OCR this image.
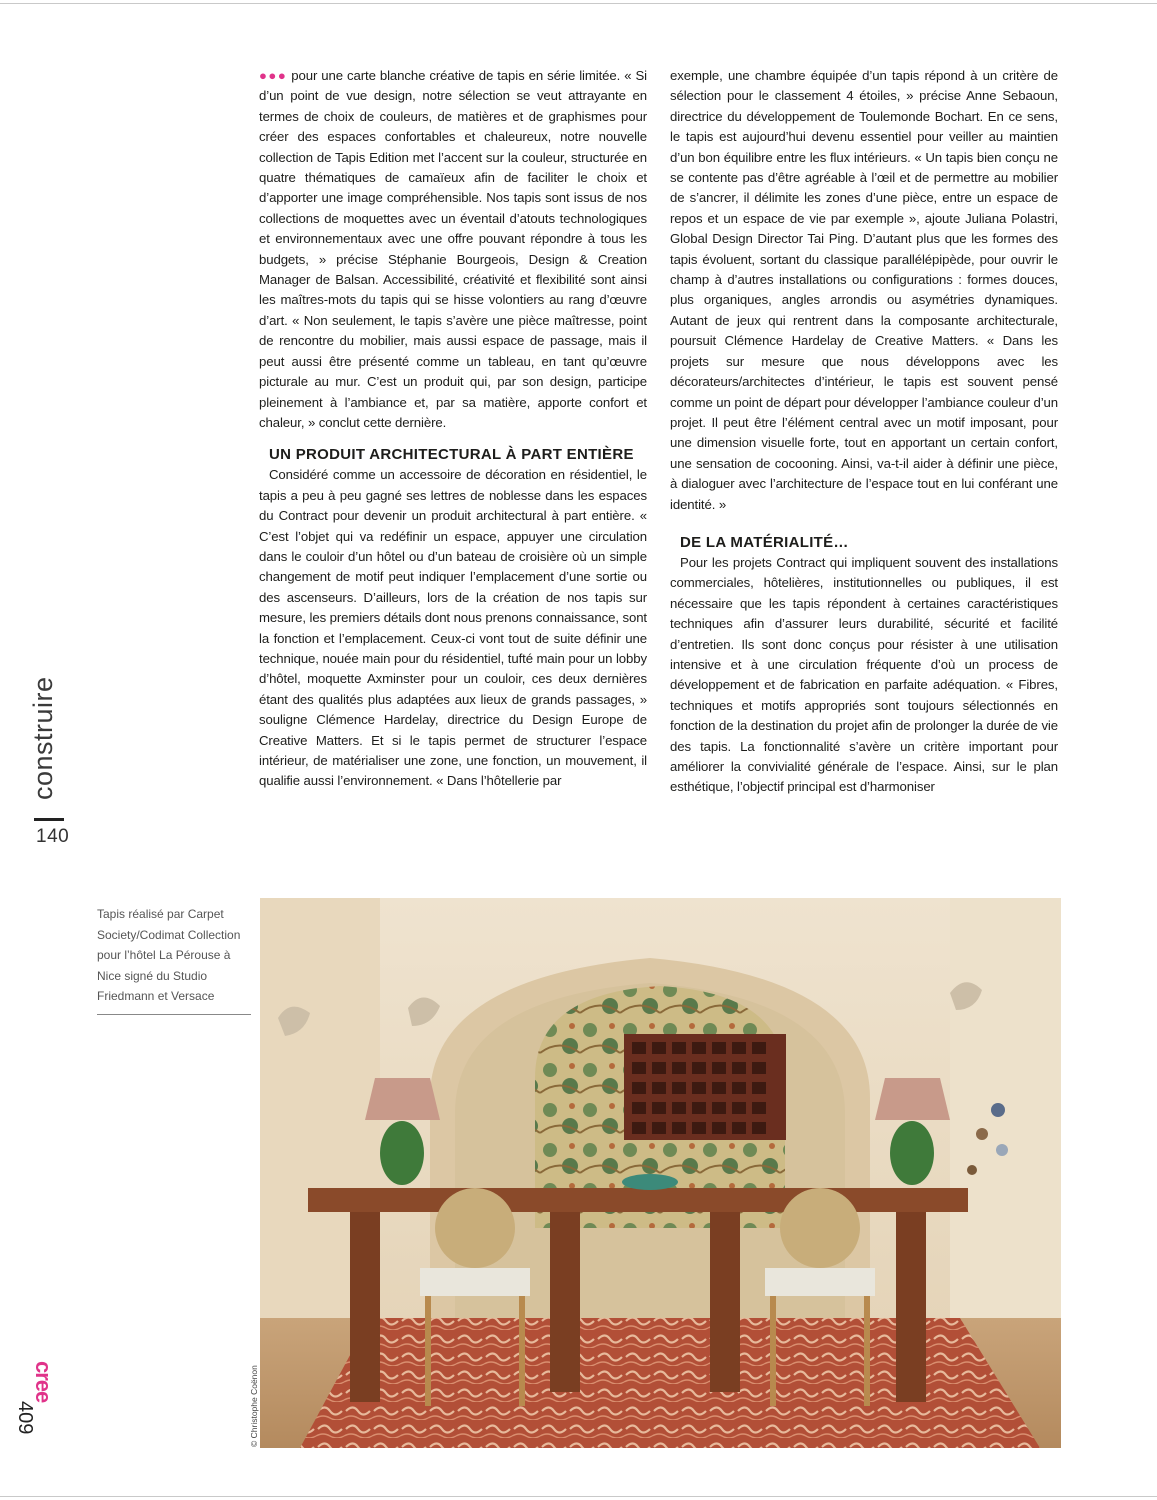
●●● pour une carte blanche créative de tapis en série limitée. « Si d’un point de vue design, notre sélection se veut attrayante en termes de choix de couleurs, de matières et de graphismes pour créer des espaces confortables et chaleureux, notre nouvelle collection de Tapis Edition met l’accent sur la couleur, structurée en quatre thématiques de camaïeux afin de faciliter le choix et d’apporter une image compréhensible. Nos tapis sont issus de nos collections de moquettes avec un éventail d’atouts technologiques et environnementaux avec une offre pouvant répondre à tous les budgets, » précise Stéphanie Bourgeois, Design & Creation Manager de Balsan. Accessibilité, créativité et flexibilité sont ainsi les maîtres-mots du tapis qui se hisse volontiers au rang d’œuvre d’art. « Non seulement, le tapis s’avère une pièce maîtresse, point de rencontre du mobilier, mais aussi espace de passage, mais il peut aussi être présenté comme un tableau, en tant qu’œuvre picturale au mur. C’est un produit qui, par son design, participe pleinement à l’ambiance et, par sa matière, apporte confort et chaleur, » conclut cette dernière.

UN PRODUIT ARCHITECTURAL À PART ENTIÈRE

Considéré comme un accessoire de décoration en résidentiel, le tapis a peu à peu gagné ses lettres de noblesse dans les espaces du Contract pour devenir un produit architectural à part entière. « C’est l’objet qui va redéfinir un espace, appuyer une circulation dans le couloir d’un hôtel ou d’un bateau de croisière où un simple changement de motif peut indiquer l’emplacement d’une sortie ou des ascenseurs. D’ailleurs, lors de la création de nos tapis sur mesure, les premiers détails dont nous prenons connaissance, sont la fonction et l’emplacement. Ceux-ci vont tout de suite définir une technique, nouée main pour du résidentiel, tufté main pour un lobby d’hôtel, moquette Axminster pour un couloir, ces deux dernières étant des qualités plus adaptées aux lieux de grands passages, » souligne Clémence Hardelay, directrice du Design Europe de Creative Matters. Et si le tapis permet de structurer l’espace intérieur, de matérialiser une zone, une fonction, un mouvement, il qualifie aussi l’environnement. « Dans l’hôtellerie par

exemple, une chambre équipée d’un tapis répond à un critère de sélection pour le classement 4 étoiles, » précise Anne Sebaoun, directrice du développement de Toulemonde Bochart. En ce sens, le tapis est aujourd’hui devenu essentiel pour veiller au maintien d’un bon équilibre entre les flux intérieurs. « Un tapis bien conçu ne se contente pas d’être agréable à l’œil et de permettre au mobilier de s’ancrer, il délimite les zones d’une pièce, entre un espace de repos et un espace de vie par exemple », ajoute Juliana Polastri, Global Design Director Tai Ping. D’autant plus que les formes des tapis évoluent, sortant du classique parallélépipède, pour ouvrir le champ à d’autres installations ou configurations : formes douces, plus organiques, angles arrondis ou asymétries dynamiques. Autant de jeux qui rentrent dans la composante architecturale, poursuit Clémence Hardelay de Creative Matters. « Dans les projets sur mesure que nous développons avec les décorateurs/architectes d’intérieur, le tapis est souvent pensé comme un point de départ pour développer l’ambiance couleur d’un projet. Il peut être l’élément central avec un motif imposant, pour une dimension visuelle forte, tout en apportant un certain confort, une sensation de cocooning. Ainsi, va-t-il aider à définir une pièce, à dialoguer avec l’architecture de l’espace tout en lui conférant une identité. »

DE LA MATÉRIALITÉ…

Pour les projets Contract qui impliquent souvent des installations commerciales, hôtelières, institutionnelles ou publiques, il est nécessaire que les tapis répondent à certaines caractéristiques techniques afin d’assurer leurs durabilité, sécurité et facilité d’entretien. Ils sont donc conçus pour résister à une utilisation intensive et à une circulation fréquente d’où un process de développement et de fabrication en parfaite adéquation. « Fibres, techniques et motifs appropriés sont toujours sélectionnés en fonction de la destination du projet afin de prolonger la durée de vie des tapis. La fonctionnalité s’avère un critère important pour améliorer la convivialité générale de l’espace. Ainsi, sur le plan esthétique, l’objectif principal est d’harmoniser

construire
140
cree
409
Tapis réalisé par Carpet Society/Codimat Collection pour l’hôtel La Pérouse à Nice signé du Studio Friedmann et Versace
© Christophe Coënon
